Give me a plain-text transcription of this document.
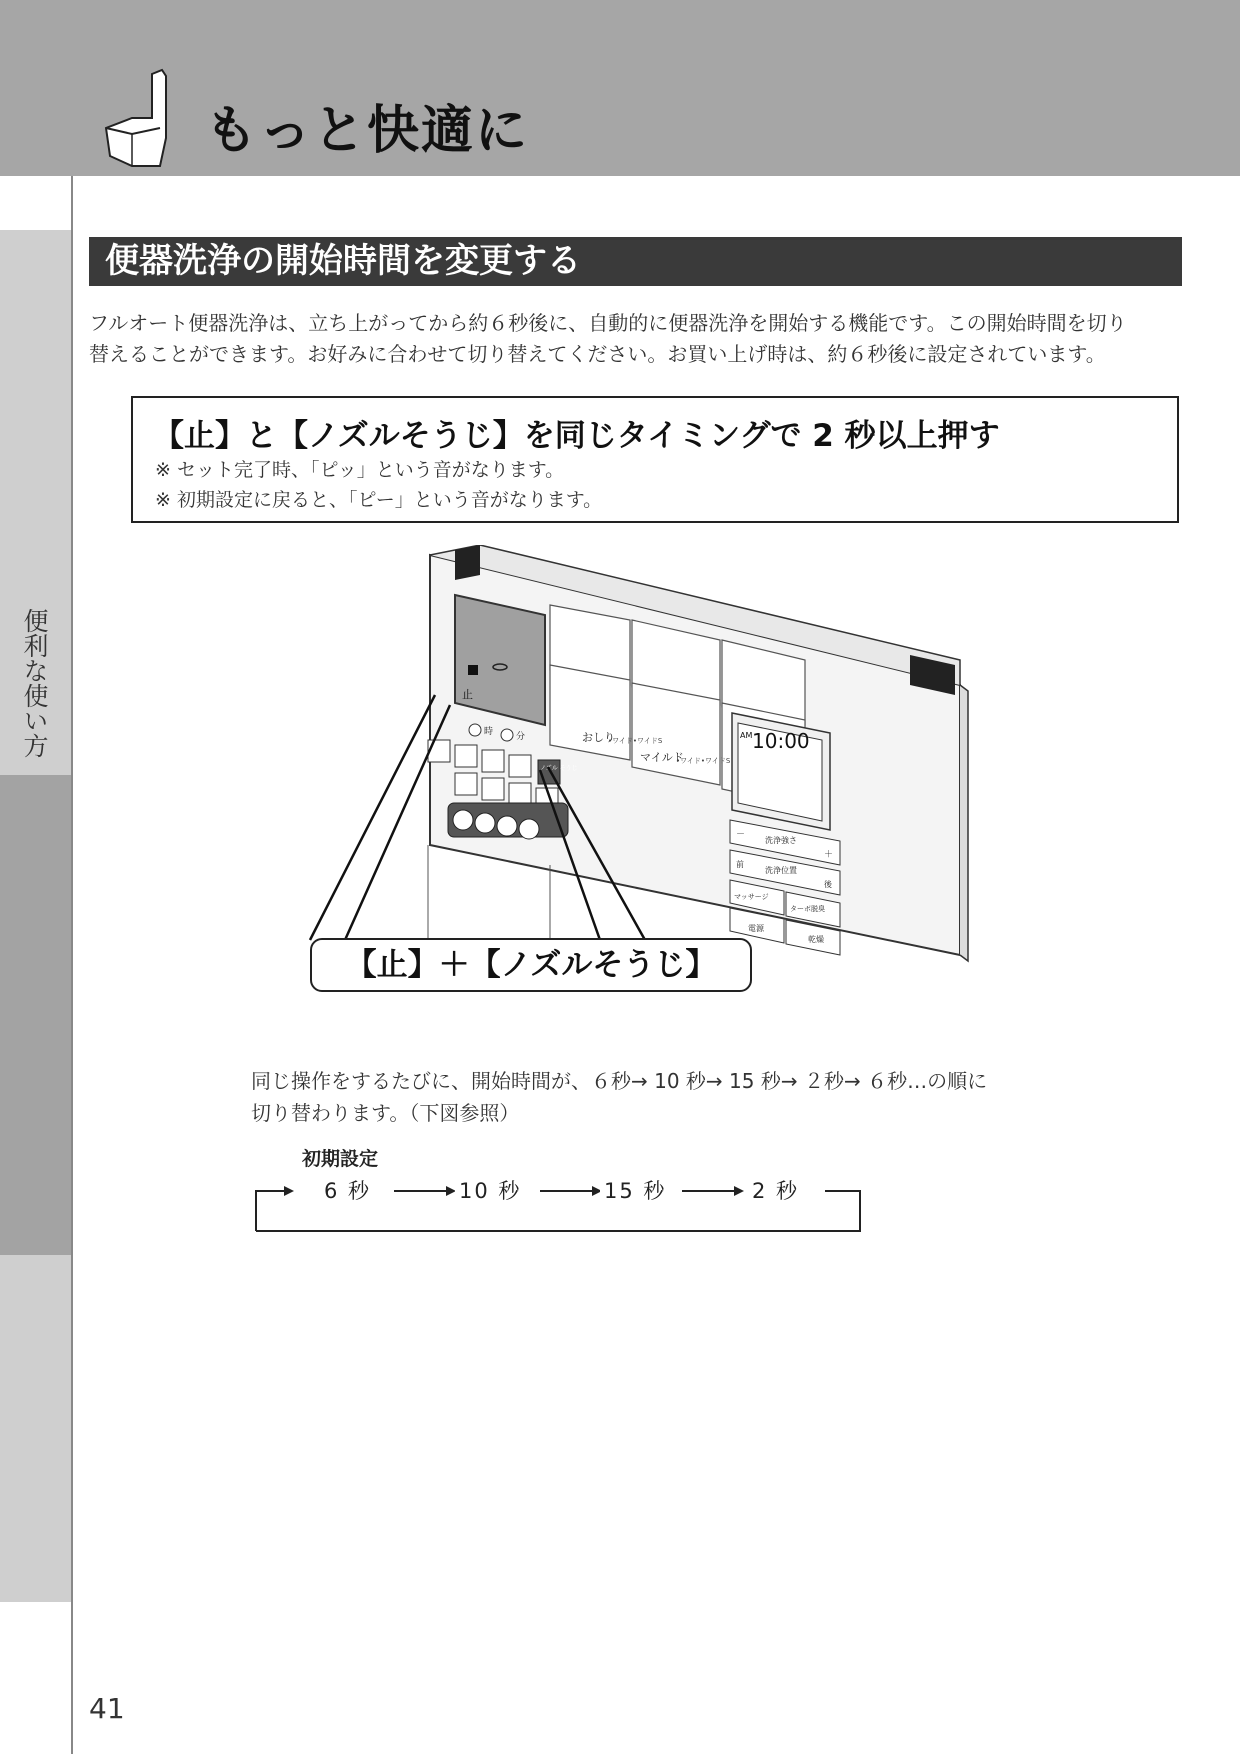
もっと快適に
便利な使い方
便器洗浄の開始時間を変更する

フルオート便器洗浄は、立ち上がってから約６秒後に、自動的に便器洗浄を開始する機能です。この開始時間を切り

替えることができます。お好みに合わせて切り替えてください。お買い上げ時は、約６秒後に設定されています。

【止】と【ノズルそうじ】を同じタイミングで 2 秒以上押す
※ セット完了時、「ピッ」という音がなります。
※ 初期設定に戻ると、「ピー」という音がなります。
止
おしり
•ワイド•ワイドS
マイルド
•ワイド•ワイドS
時	分
ノズル そうじ
AM 10:00
－
洗浄強さ
＋
前
洗浄位置
後
マッサージ
ターボ脱臭
電源
乾燥
【止】＋【ノズルそうじ】

同じ操作をするたびに、開始時間が、６秒→ 10 秒→ 15 秒→ ２秒→ ６秒…の順に

切り替わります。（下図参照）

初期設定
6 秒	10 秒	15 秒	2 秒
41
